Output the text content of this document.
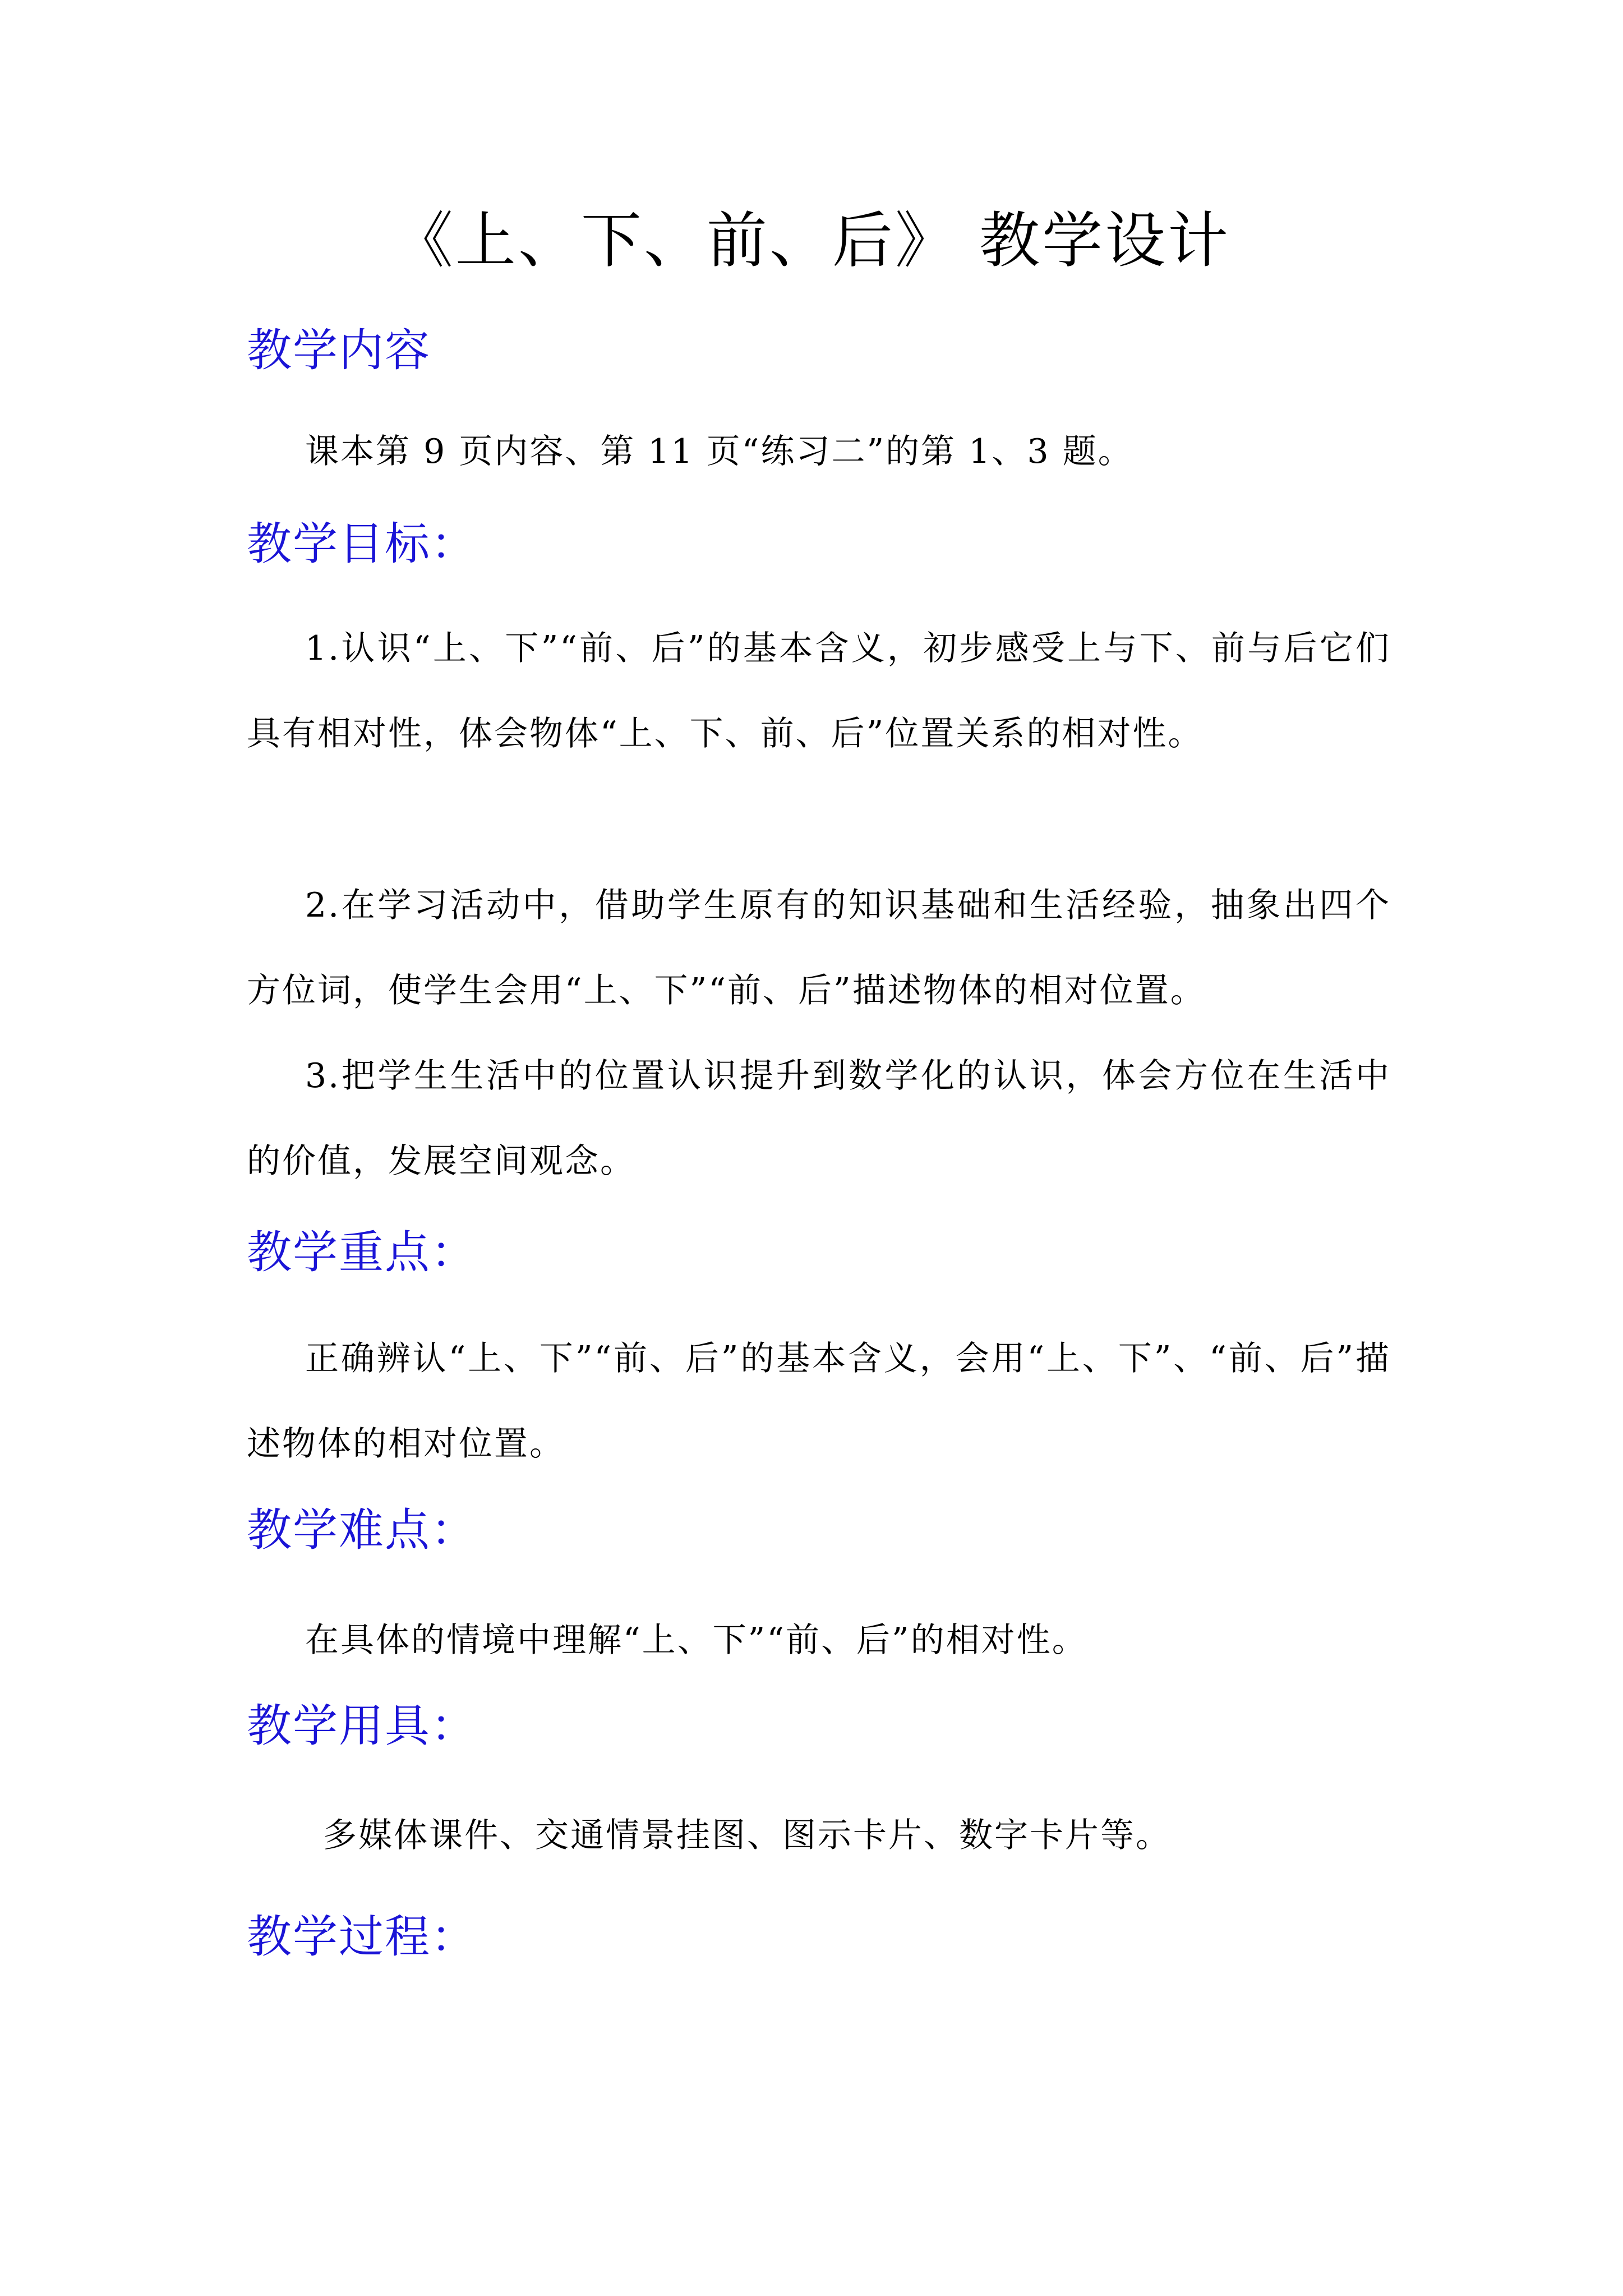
《上、下、前、后》 教学设计
教学内容

课本第 9 页内容、第 11 页“练习二”的第 1、3 题。

教学目标：

1.认识“上、下”“前、后”的基本含义，初步感受上与下、前与后它们具有相对性，体会物体“上、下、前、后”位置关系的相对性。

2.在学习活动中，借助学生原有的知识基础和生活经验，抽象出四个方位词，使学生会用“上、下”“前、后”描述物体的相对位置。

3.把学生生活中的位置认识提升到数学化的认识，体会方位在生活中的价值，发展空间观念。

教学重点：

正确辨认“上、下”“前、后”的基本含义，会用“上、下”、“前、后”描述物体的相对位置。

教学难点：

在具体的情境中理解“上、下”“前、后”的相对性。

教学用具：

多媒体课件、交通情景挂图、图示卡片、数字卡片等。

教学过程：
